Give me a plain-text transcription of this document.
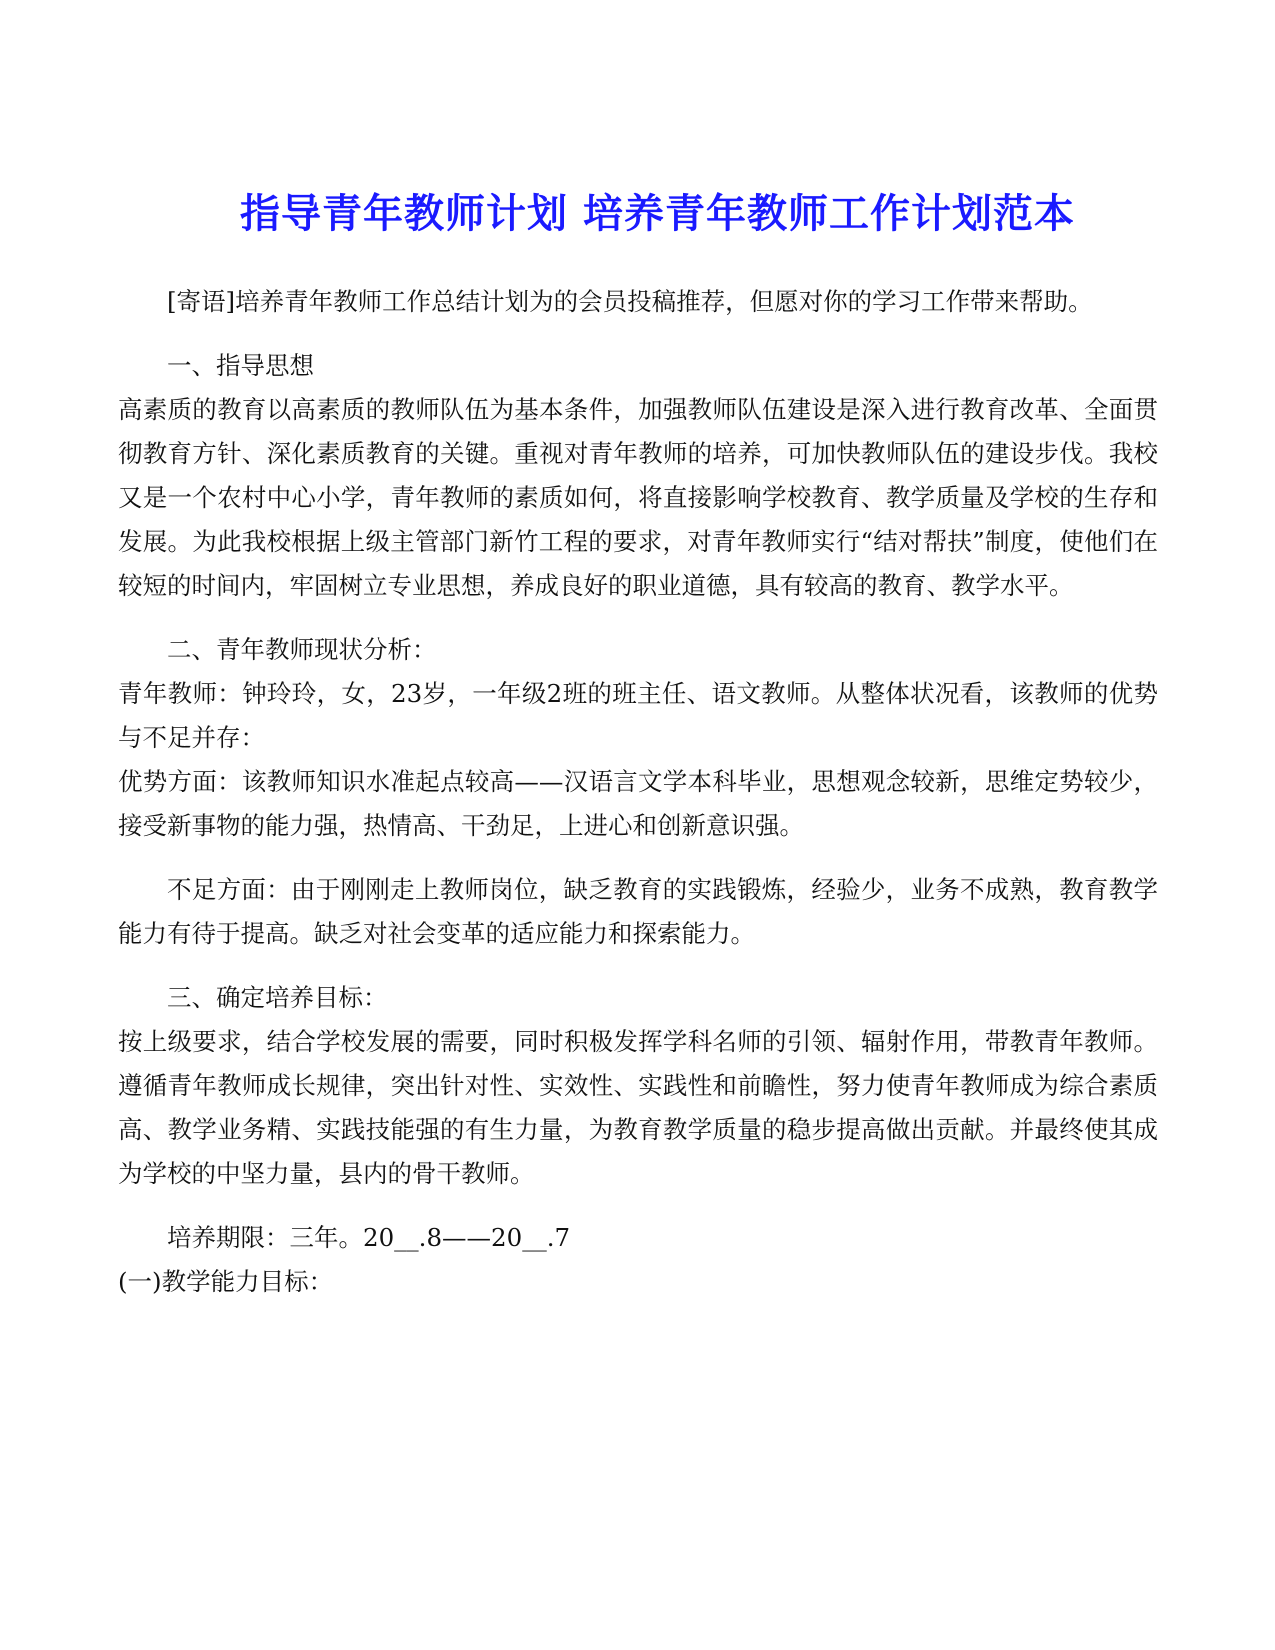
指导青年教师计划 培养青年教师工作计划范本

[寄语]培养青年教师工作总结计划为的会员投稿推荐，但愿对你的学习工作带来帮助。

一、指导思想

高素质的教育以高素质的教师队伍为基本条件，加强教师队伍建设是深入进行教育改革、全面贯彻教育方针、深化素质教育的关键。重视对青年教师的培养，可加快教师队伍的建设步伐。我校又是一个农村中心小学，青年教师的素质如何，将直接影响学校教育、教学质量及学校的生存和发展。为此我校根据上级主管部门新竹工程的要求，对青年教师实行“结对帮扶”制度，使他们在较短的时间内，牢固树立专业思想，养成良好的职业道德，具有较高的教育、教学水平。

二、青年教师现状分析：

青年教师：钟玲玲，女，23岁，一年级2班的班主任、语文教师。从整体状况看，该教师的优势与不足并存：

优势方面：该教师知识水准起点较高——汉语言文学本科毕业，思想观念较新，思维定势较少，接受新事物的能力强，热情高、干劲足，上进心和创新意识强。

不足方面：由于刚刚走上教师岗位，缺乏教育的实践锻炼，经验少，业务不成熟，教育教学能力有待于提高。缺乏对社会变革的适应能力和探索能力。

三、确定培养目标：

按上级要求，结合学校发展的需要，同时积极发挥学科名师的引领、辐射作用，带教青年教师。遵循青年教师成长规律，突出针对性、实效性、实践性和前瞻性，努力使青年教师成为综合素质高、教学业务精、实践技能强的有生力量，为教育教学质量的稳步提高做出贡献。并最终使其成为学校的中坚力量，县内的骨干教师。

培养期限：三年。20__.8——20__.7

(一)教学能力目标：
